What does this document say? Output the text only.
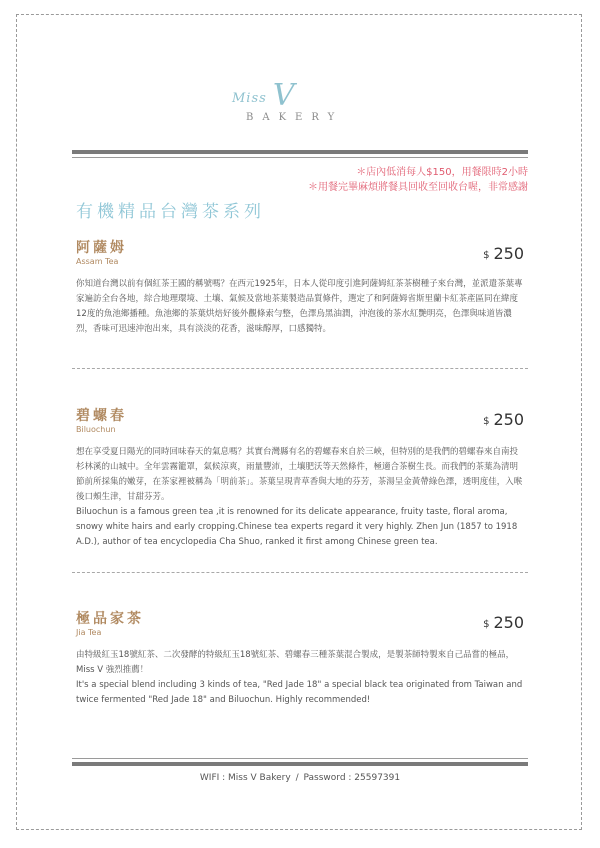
Miss V
BAKERY
＊店內低消每人$150，用餐限時2小時
＊用餐完畢麻煩將餐具回收至回收台喔，非常感謝
有機精品台灣茶系列
阿薩姆
Assam Tea
$ 250

你知道台灣以前有個紅茶王國的稱號嗎？在西元1925年，日本人從印度引進阿薩姆紅茶茶樹種子來台灣，並派遣茶葉專家遍訪全台各地，綜合地理環境、土壤、氣候及當地茶葉製造品質條件，選定了和阿薩姆省斯里蘭卡紅茶產區同在緯度12度的魚池鄉播種。魚池鄉的茶葉烘焙好後外觀條索勻整，色澤烏黑油潤，沖泡後的茶水紅艷明亮，色澤與味道皆濃烈，香味可迅速沖泡出來，具有淡淡的花香，滋味醇厚，口感獨特。

碧螺春
Biluochun
$ 250

想在享受夏日陽光的同時回味春天的氣息嗎？其實台灣縣有名的碧螺春來自於三峽，但特別的是我們的碧螺春來自南投杉林溪的山城中。全年雲霧籠罩，氣候涼爽，雨量豐沛，土壤肥沃等天然條件，極適合茶樹生長。而我們的茶葉為清明節前所採集的嫩芽，在茶家裡被稱為「明前茶」。茶葉呈現青草香與大地的芬芳，茶湯呈金黃帶綠色澤，透明度佳，入喉後口頰生津，甘甜芬芳。

Biluochun is a famous green tea ,it is renowned for its delicate appearance, fruity taste, floral aroma, snowy white hairs and early cropping.Chinese tea experts regard it very highly. Zhen Jun (1857 to 1918 A.D.), author of tea encyclopedia Cha Shuo, ranked it first among Chinese green tea.

極品家茶
Jia Tea
$ 250

由特級紅玉18號紅茶、二次發酵的特級紅玉18號紅茶、碧螺春三種茶葉混合製成，是製茶師特製來自己品嘗的極品，Miss V 強烈推薦！

It's a special blend including 3 kinds of tea, "Red Jade 18" a special black tea originated from Taiwan and twice fermented "Red Jade 18" and Biluochun. Highly recommended!

WIFI : Miss V Bakery / Password : 25597391
